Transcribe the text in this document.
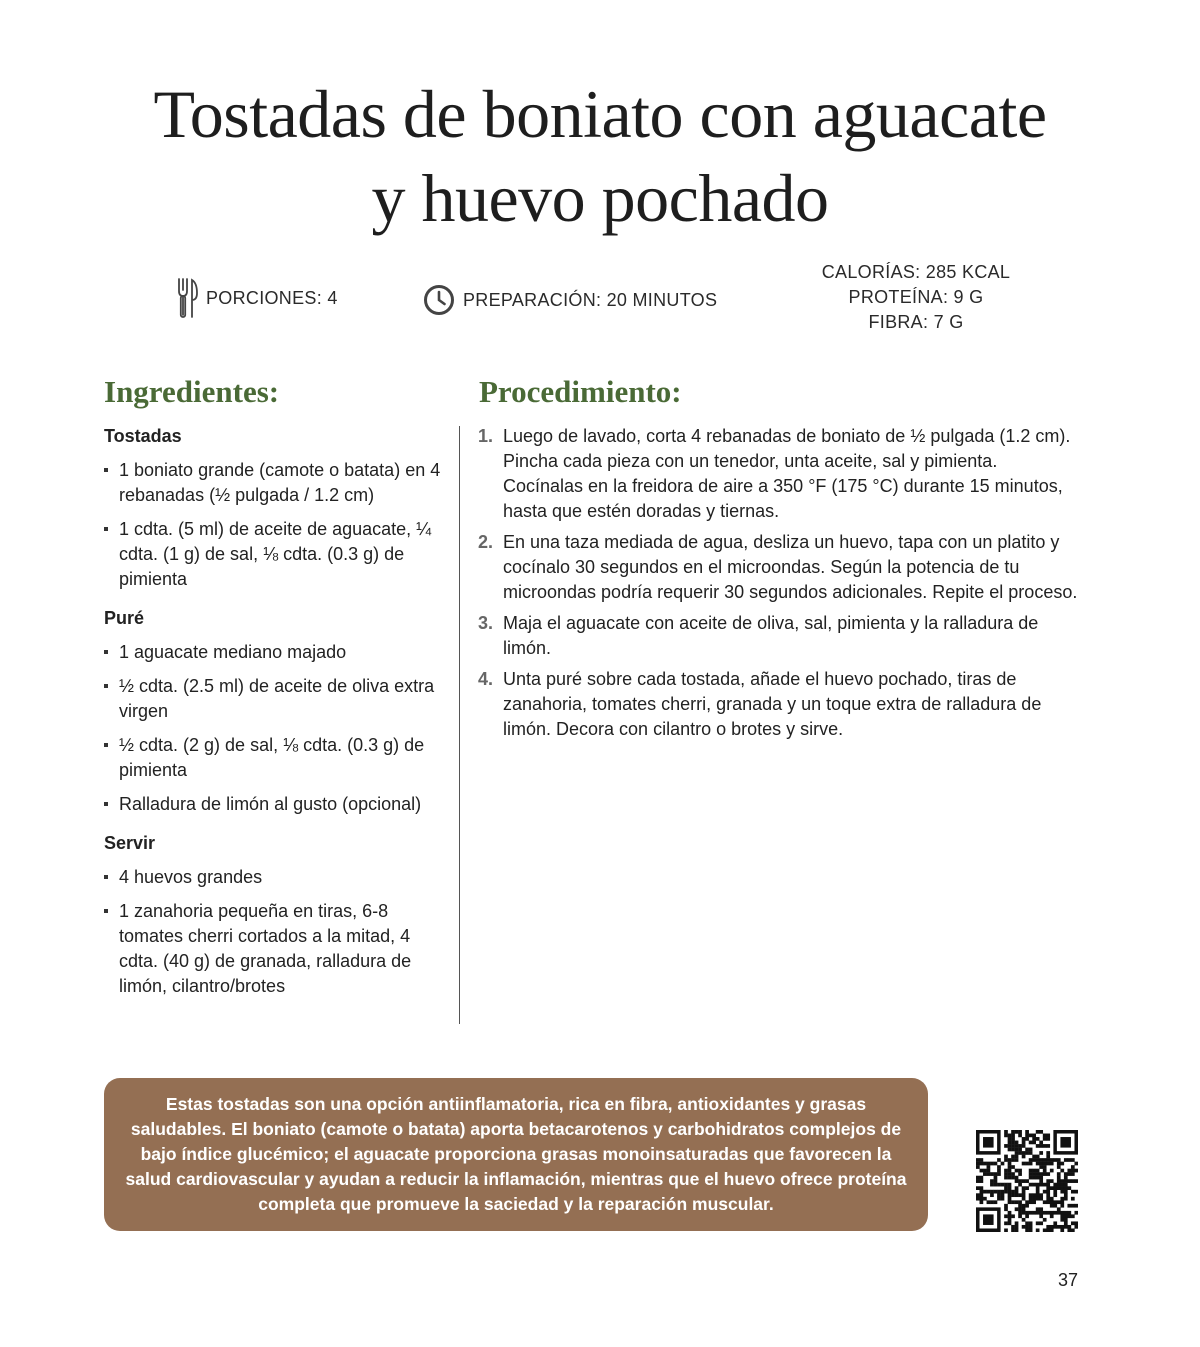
Tostadas de boniato con aguacate
y huevo pochado
PORCIONES: 4	PREPARACIÓN: 20 MINUTOS
CALORÍAS: 285 KCAL
PROTEÍNA: 9 G
FIBRA: 7 G
Ingredientes:	Procedimiento:
Tostadas
1 boniato grande (camote o batata) en 4 rebanadas (½ pulgada / 1.2 cm)
1 cdta. (5 ml) de aceite de aguacate, ¼ cdta. (1 g) de sal, ⅛ cdta. (0.3 g) de pimienta
Puré
1 aguacate mediano majado
½ cdta. (2.5 ml) de aceite de oliva extra virgen
½ cdta. (2 g) de sal, ⅛ cdta. (0.3 g) de pimienta
Ralladura de limón al gusto (opcional)
Servir
4 huevos grandes
1 zanahoria pequeña en tiras, 6-8 tomates cherri cortados a la mitad, 4 cdta. (40 g) de granada, ralladura de limón, cilantro/brotes
1. Luego de lavado, corta 4 rebanadas de boniato de ½ pulgada (1.2 cm). Pincha cada pieza con un tenedor, unta aceite, sal y pimienta. Cocínalas en la freidora de aire a 350 °F (175 °C) durante 15 minutos, hasta que estén doradas y tiernas.
2. En una taza mediada de agua, desliza un huevo, tapa con un platito y cocínalo 30 segundos en el microondas. Según la potencia de tu microondas podría requerir 30 segundos adicionales. Repite el proceso.
3. Maja el aguacate con aceite de oliva, sal, pimienta y la ralladura de limón.
4. Unta puré sobre cada tostada, añade el huevo pochado, tiras de zanahoria, tomates cherri, granada y un toque extra de ralladura de limón. Decora con cilantro o brotes y sirve.
Estas tostadas son una opción antiinflamatoria, rica en fibra, antioxidantes y grasas saludables. El boniato (camote o batata) aporta betacarotenos y carbohidratos complejos de bajo índice glucémico; el aguacate proporciona grasas monoinsaturadas que favorecen la salud cardiovascular y ayudan a reducir la inflamación, mientras que el huevo ofrece proteína completa que promueve la saciedad y la reparación muscular.
37
